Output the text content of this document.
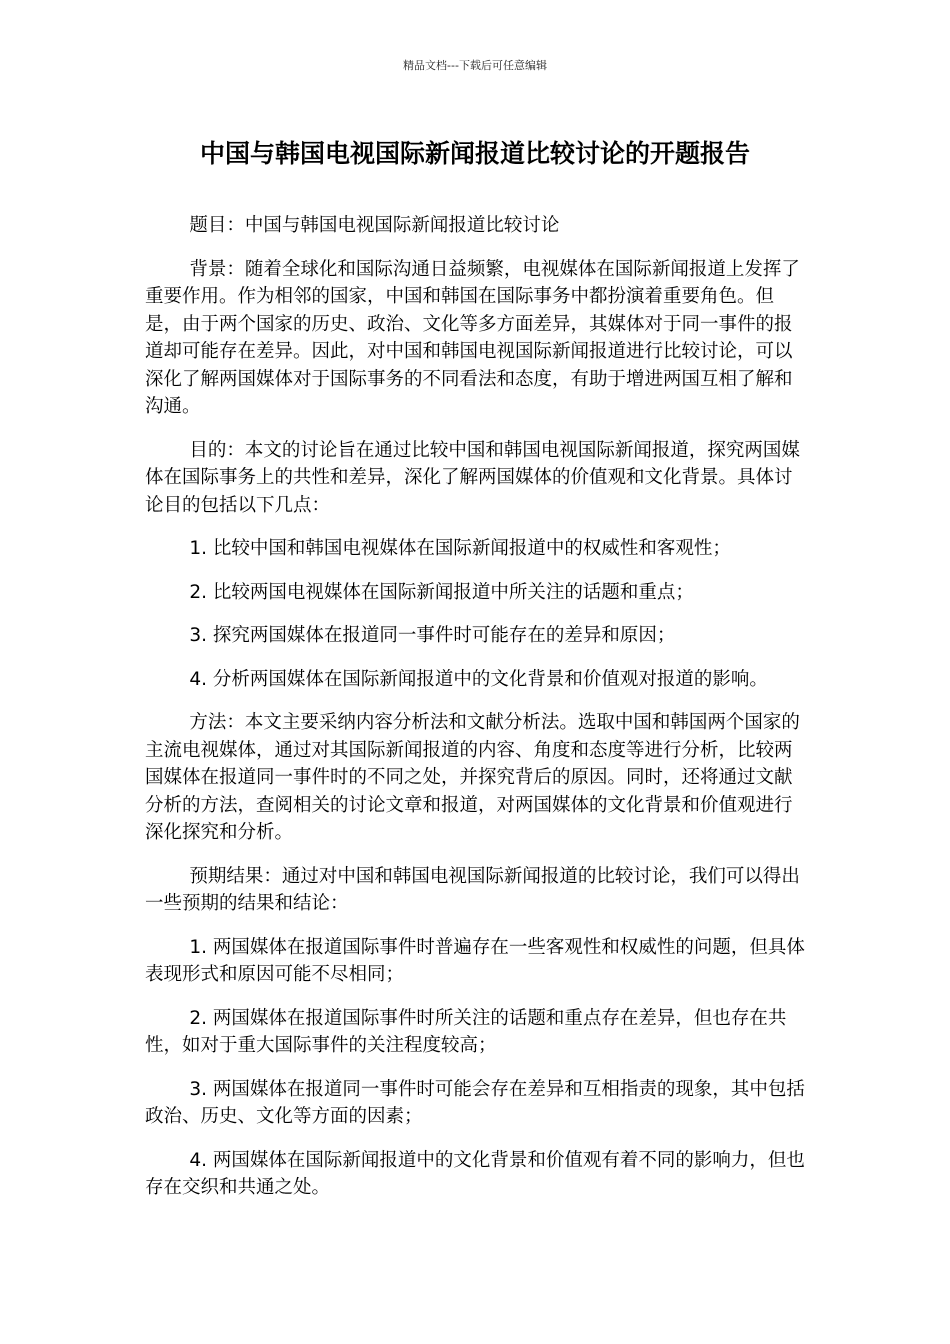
精品文档---下载后可任意编辑
中国与韩国电视国际新闻报道比较讨论的开题报告

题目：中国与韩国电视国际新闻报道比较讨论

背景：随着全球化和国际沟通日益频繁，电视媒体在国际新闻报道上发挥了重要作用。作为相邻的国家，中国和韩国在国际事务中都扮演着重要角色。但是，由于两个国家的历史、政治、文化等多方面差异，其媒体对于同一事件的报道却可能存在差异。因此，对中国和韩国电视国际新闻报道进行比较讨论，可以深化了解两国媒体对于国际事务的不同看法和态度，有助于增进两国互相了解和沟通。

目的：本文的讨论旨在通过比较中国和韩国电视国际新闻报道，探究两国媒体在国际事务上的共性和差异，深化了解两国媒体的价值观和文化背景。具体讨论目的包括以下几点：

1. 比较中国和韩国电视媒体在国际新闻报道中的权威性和客观性；

2. 比较两国电视媒体在国际新闻报道中所关注的话题和重点；

3. 探究两国媒体在报道同一事件时可能存在的差异和原因；

4. 分析两国媒体在国际新闻报道中的文化背景和价值观对报道的影响。

方法：本文主要采纳内容分析法和文献分析法。选取中国和韩国两个国家的主流电视媒体，通过对其国际新闻报道的内容、角度和态度等进行分析，比较两国媒体在报道同一事件时的不同之处，并探究背后的原因。同时，还将通过文献分析的方法，查阅相关的讨论文章和报道，对两国媒体的文化背景和价值观进行深化探究和分析。

预期结果：通过对中国和韩国电视国际新闻报道的比较讨论，我们可以得出一些预期的结果和结论：

1. 两国媒体在报道国际事件时普遍存在一些客观性和权威性的问题，但具体表现形式和原因可能不尽相同；

2. 两国媒体在报道国际事件时所关注的话题和重点存在差异，但也存在共性，如对于重大国际事件的关注程度较高；

3. 两国媒体在报道同一事件时可能会存在差异和互相指责的现象，其中包括政治、历史、文化等方面的因素；

4. 两国媒体在国际新闻报道中的文化背景和价值观有着不同的影响力，但也存在交织和共通之处。
